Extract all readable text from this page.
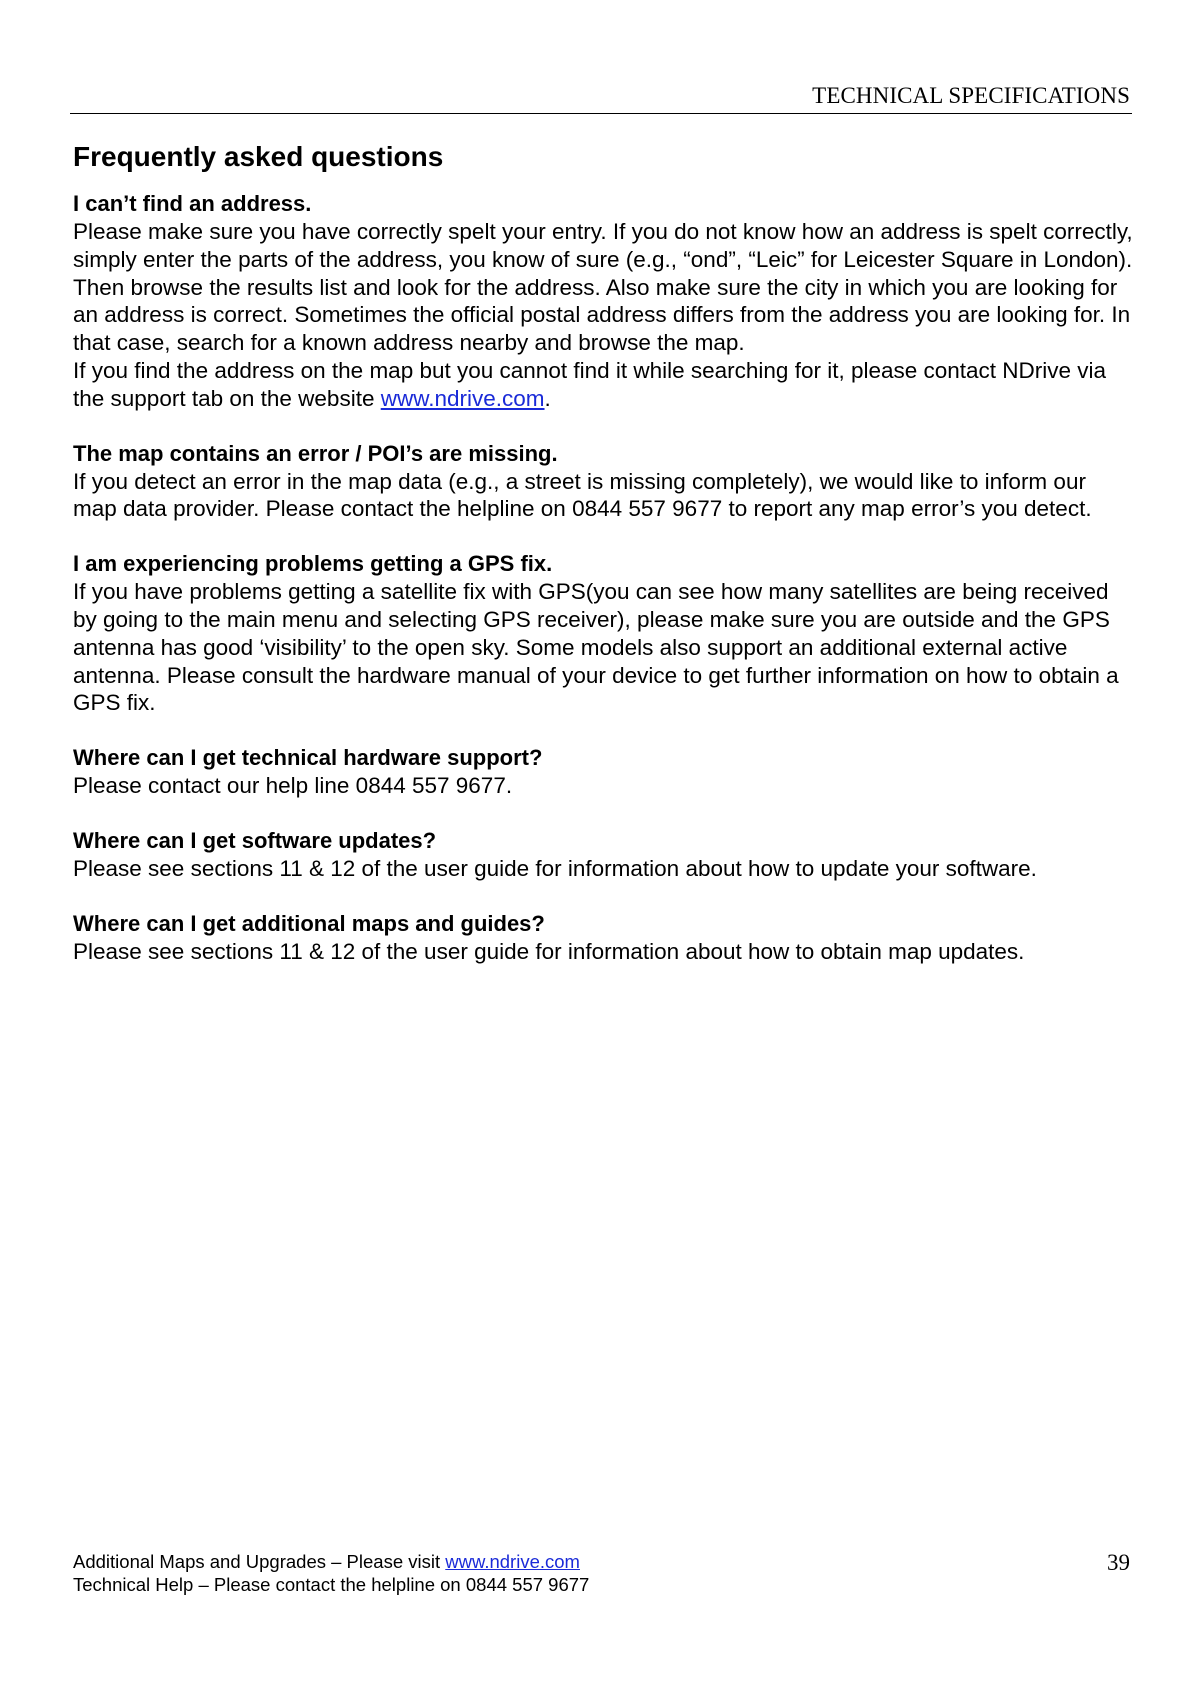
TECHNICAL SPECIFICATIONS
Frequently asked questions

I can’t find an address.

Please make sure you have correctly spelt your entry. If you do not know how an address is spelt correctly, simply enter the parts of the address, you know of sure (e.g., “ond”, “Leic” for Leicester Square in London). Then browse the results list and look for the address. Also make sure the city in which you are looking for an address is correct. Sometimes the official postal address differs from the address you are looking for. In that case, search for a known address nearby and browse the map.

If you find the address on the map but you cannot find it while searching for it, please contact NDrive via the support tab on the website www.ndrive.com.

The map contains an error / POI’s are missing.

If you detect an error in the map data (e.g., a street is missing completely), we would like to inform our map data provider. Please contact the helpline on 0844 557 9677 to report any map error’s you detect.

I am experiencing problems getting a GPS fix.

If you have problems getting a satellite fix with GPS(you can see how many satellites are being received by going to the main menu and selecting GPS receiver), please make sure you are outside and the GPS antenna has good ‘visibility’ to the open sky. Some models also support an additional external active antenna. Please consult the hardware manual of your device to get further information on how to obtain a GPS fix.

Where can I get technical hardware support?

Please contact our help line 0844 557 9677.

Where can I get software updates?

Please see sections 11 & 12 of the user guide for information about how to update your software.

Where can I get additional maps and guides?

Please see sections 11 & 12 of the user guide for information about how to obtain map updates.

Additional Maps and Upgrades – Please visit www.ndrive.com
Technical Help – Please contact the helpline on 0844 557 9677
39
